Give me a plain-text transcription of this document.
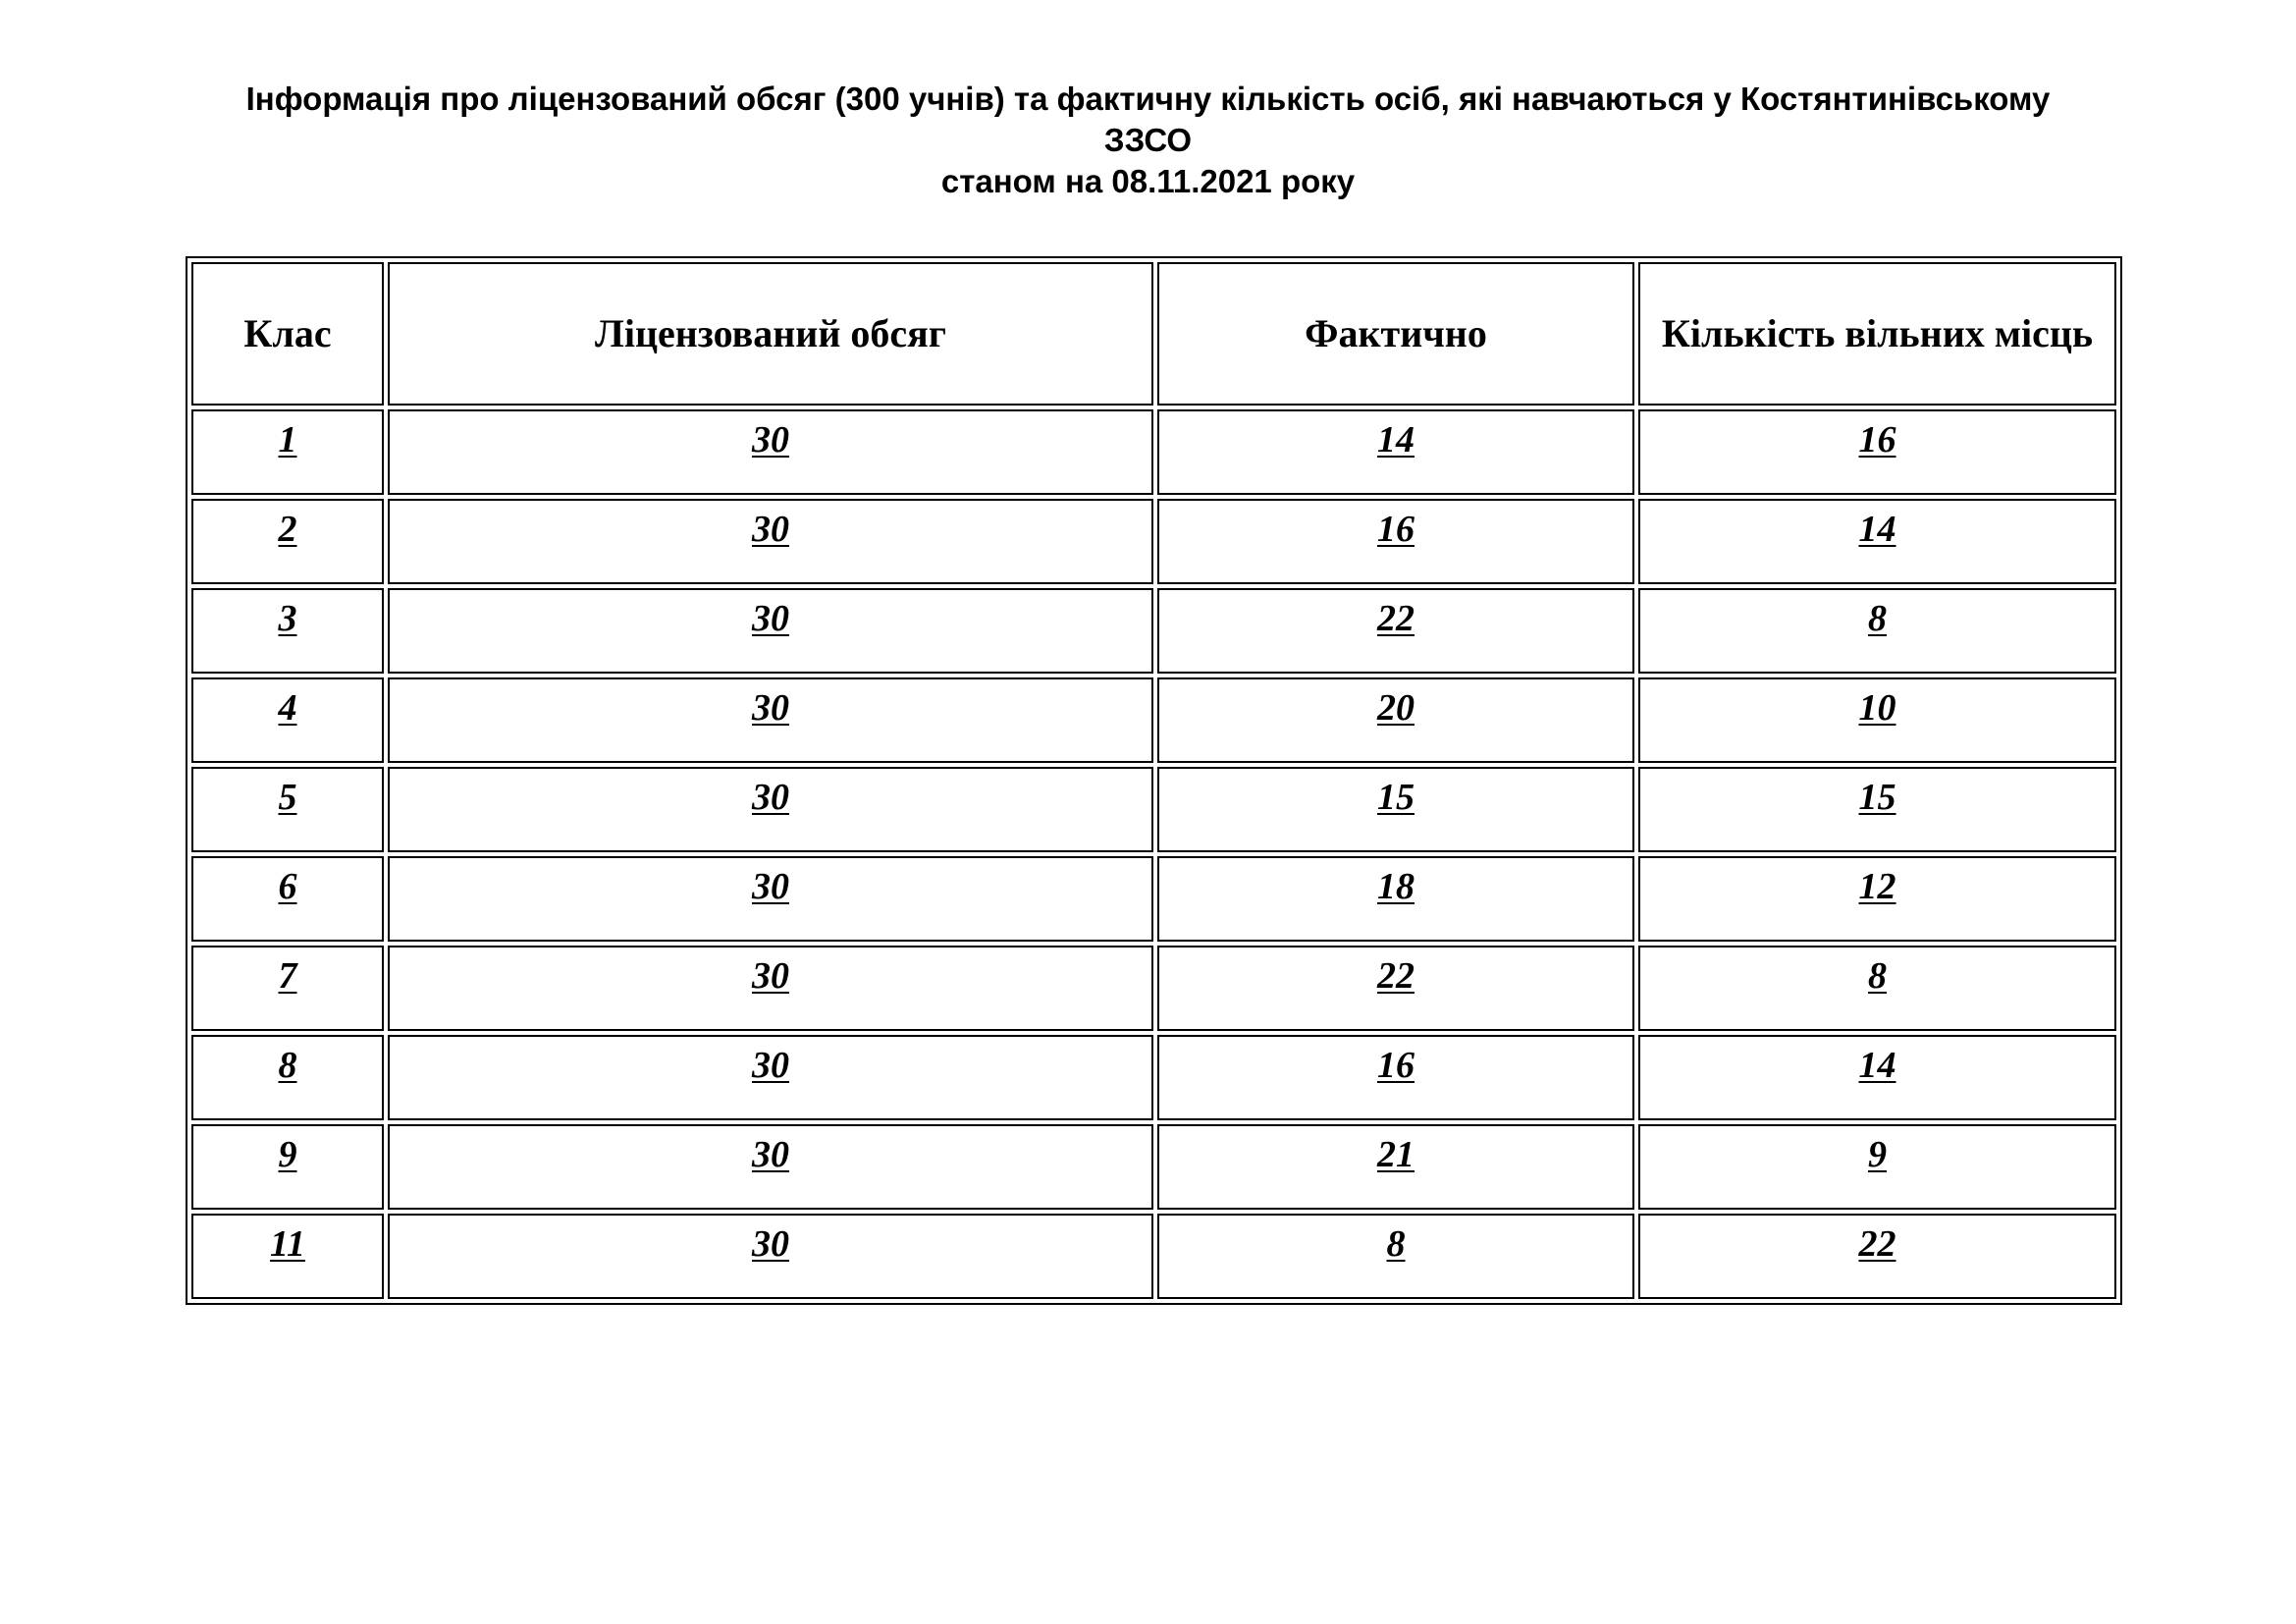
Інформація про ліцензований обсяг (300 учнів) та фактичну кількість осіб, які навчаються у Костянтинівському
ЗЗСО
станом на 08.11.2021 року
Клас	Ліцензований обсяг	Фактично	Кількість вільних місць
1	30	14	16
2	30	16	14
3	30	22	8
4	30	20	10
5	30	15	15
6	30	18	12
7	30	22	8
8	30	16	14
9	30	21	9
11	30	8	22
